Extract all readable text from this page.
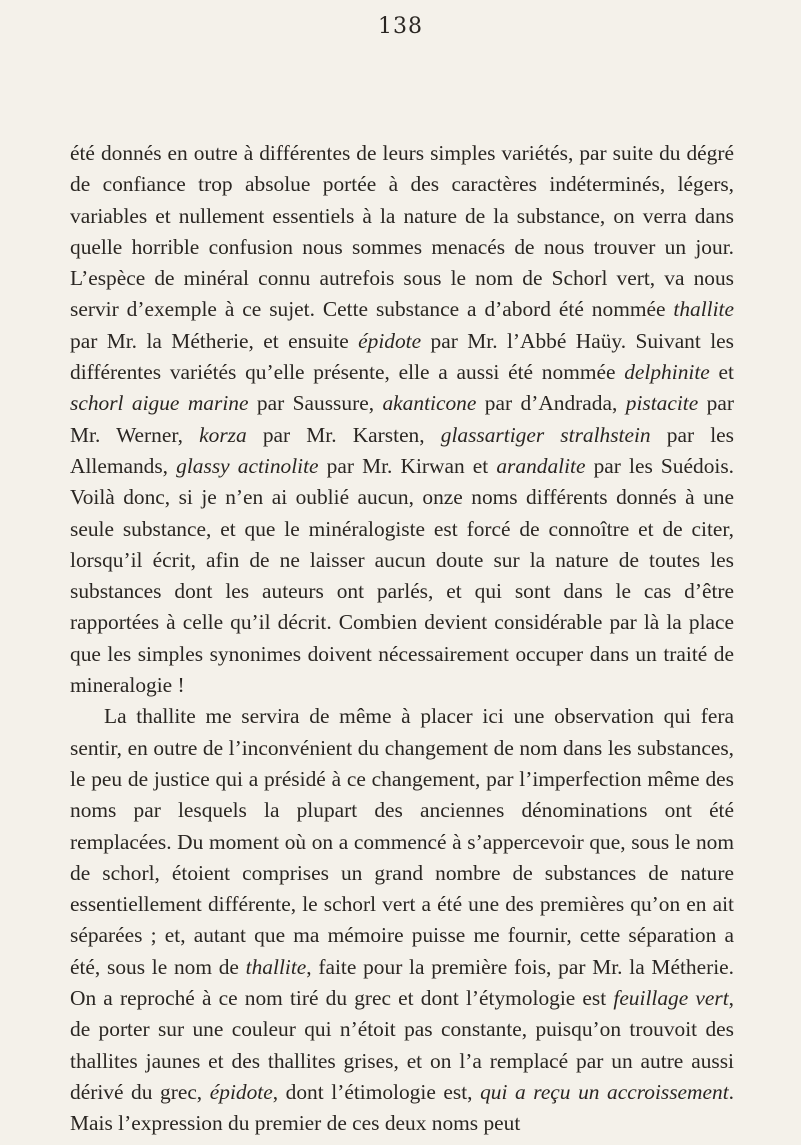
138

été donnés en outre à différentes de leurs simples variétés, par suite du dégré de confiance trop absolue portée à des caractères indéterminés, légers, variables et nullement essentiels à la nature de la substance, on verra dans quelle horrible confusion nous sommes menacés de nous trouver un jour. L’espèce de minéral connu autrefois sous le nom de Schorl vert, va nous servir d’exemple à ce sujet. Cette substance a d’abord été nommée thallite par Mr. la Métherie, et ensuite épidote par Mr. l’Abbé Haüy. Suivant les différentes variétés qu’elle présente, elle a aussi été nommée delphinite et schorl aigue marine par Saussure, akanticone par d’Andrada, pistacite par Mr. Werner, korza par Mr. Karsten, glassartiger stralhstein par les Allemands, glassy actinolite par Mr. Kirwan et arandalite par les Suédois. Voilà donc, si je n’en ai oublié aucun, onze noms différents donnés à une seule substance, et que le minéralogiste est forcé de connoître et de citer, lorsqu’il écrit, afin de ne laisser aucun doute sur la nature de toutes les substances dont les auteurs ont parlés, et qui sont dans le cas d’être rapportées à celle qu’il décrit. Combien devient considérable par là la place que les simples synonimes doivent nécessairement occuper dans un traité de mineralogie !

La thallite me servira de même à placer ici une observation qui fera sentir, en outre de l’inconvénient du changement de nom dans les substances, le peu de justice qui a présidé à ce changement, par l’imperfection même des noms par lesquels la plupart des anciennes dénominations ont été remplacées. Du moment où on a commencé à s’appercevoir que, sous le nom de schorl, étoient comprises un grand nombre de substances de nature essentiellement différente, le schorl vert a été une des premières qu’on en ait séparées ; et, autant que ma mémoire puisse me fournir, cette séparation a été, sous le nom de thallite, faite pour la première fois, par Mr. la Métherie. On a reproché à ce nom tiré du grec et dont l’étymologie est feuillage vert, de porter sur une couleur qui n’étoit pas constante, puisqu’on trouvoit des thallites jaunes et des thallites grises, et on l’a remplacé par un autre aussi dérivé du grec, épidote, dont l’étimologie est, qui a reçu un accroissement. Mais l’expression du premier de ces deux noms peut
